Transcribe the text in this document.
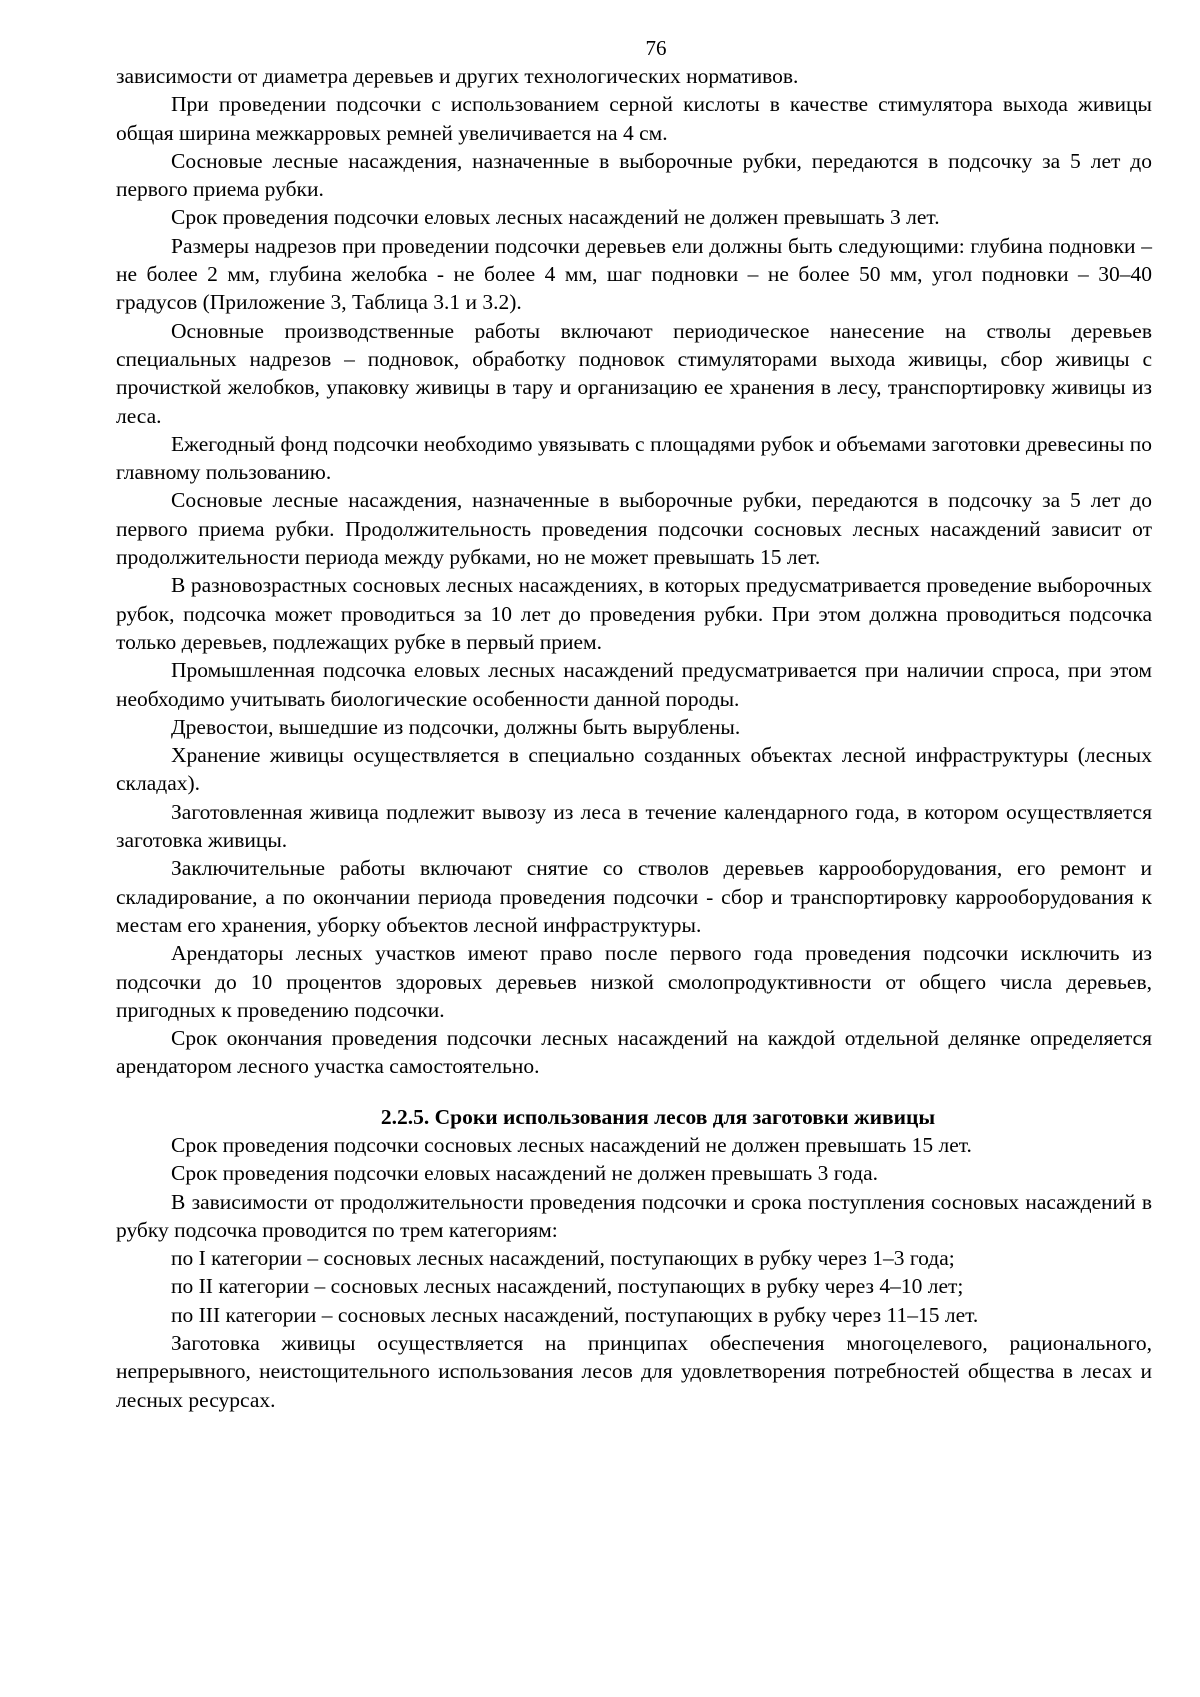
76

зависимости от диаметра деревьев и других технологических нормативов.

При проведении подсочки с использованием серной кислоты в качестве стимулятора выхода живицы общая ширина межкарровых ремней увеличивается на 4 см.

Сосновые лесные насаждения, назначенные в выборочные рубки, передаются в подсочку за 5 лет до первого приема рубки.

Срок проведения подсочки еловых лесных насаждений не должен превышать 3 лет.

Размеры надрезов при проведении подсочки деревьев ели должны быть следующими: глубина подновки – не более 2 мм, глубина желобка - не более 4 мм, шаг подновки – не более 50 мм, угол подновки – 30–40 градусов (Приложение 3, Таблица 3.1 и 3.2).

Основные производственные работы включают периодическое нанесение на стволы деревьев специальных надрезов – подновок, обработку подновок стимуляторами выхода живицы, сбор живицы с прочисткой желобков, упаковку живицы в тару и организацию ее хранения в лесу, транспортировку живицы из леса.

Ежегодный фонд подсочки необходимо увязывать с площадями рубок и объемами заготовки древесины по главному пользованию.

Сосновые лесные насаждения, назначенные в выборочные рубки, передаются в подсочку за 5 лет до первого приема рубки. Продолжительность проведения подсочки сосновых лесных насаждений зависит от продолжительности периода между рубками, но не может превышать 15 лет.

В разновозрастных сосновых лесных насаждениях, в которых предусматривается проведение выборочных рубок, подсочка может проводиться за 10 лет до проведения рубки. При этом должна проводиться подсочка только деревьев, подлежащих рубке в первый прием.

Промышленная подсочка еловых лесных насаждений предусматривается при наличии спроса, при этом необходимо учитывать биологические особенности данной породы.

Древостои, вышедшие из подсочки, должны быть вырублены.

Хранение живицы осуществляется в специально созданных объектах лесной инфраструктуры (лесных складах).

Заготовленная живица подлежит вывозу из леса в течение календарного года, в котором осуществляется заготовка живицы.

Заключительные работы включают снятие со стволов деревьев каррооборудования, его ремонт и складирование, а по окончании периода проведения подсочки - сбор и транспортировку каррооборудования к местам его хранения, уборку объектов лесной инфраструктуры.

Арендаторы лесных участков имеют право после первого года проведения подсочки исключить из подсочки до 10 процентов здоровых деревьев низкой смолопродуктивности от общего числа деревьев, пригодных к проведению подсочки.

Срок окончания проведения подсочки лесных насаждений на каждой отдельной делянке определяется арендатором лесного участка самостоятельно.

2.2.5. Сроки использования лесов для заготовки живицы

Срок проведения подсочки сосновых лесных насаждений не должен превышать 15 лет.

Срок проведения подсочки еловых насаждений не должен превышать 3 года.

В зависимости от продолжительности проведения подсочки и срока поступления сосновых насаждений в рубку подсочка проводится по трем категориям:

по I категории – сосновых лесных насаждений, поступающих в рубку через 1–3 года;

по II категории – сосновых лесных насаждений, поступающих в рубку через 4–10 лет;

по III категории – сосновых лесных насаждений, поступающих в рубку через 11–15 лет.

Заготовка живицы осуществляется на принципах обеспечения многоцелевого, рационального, непрерывного, неистощительного использования лесов для удовлетворения потребностей общества в лесах и лесных ресурсах.
